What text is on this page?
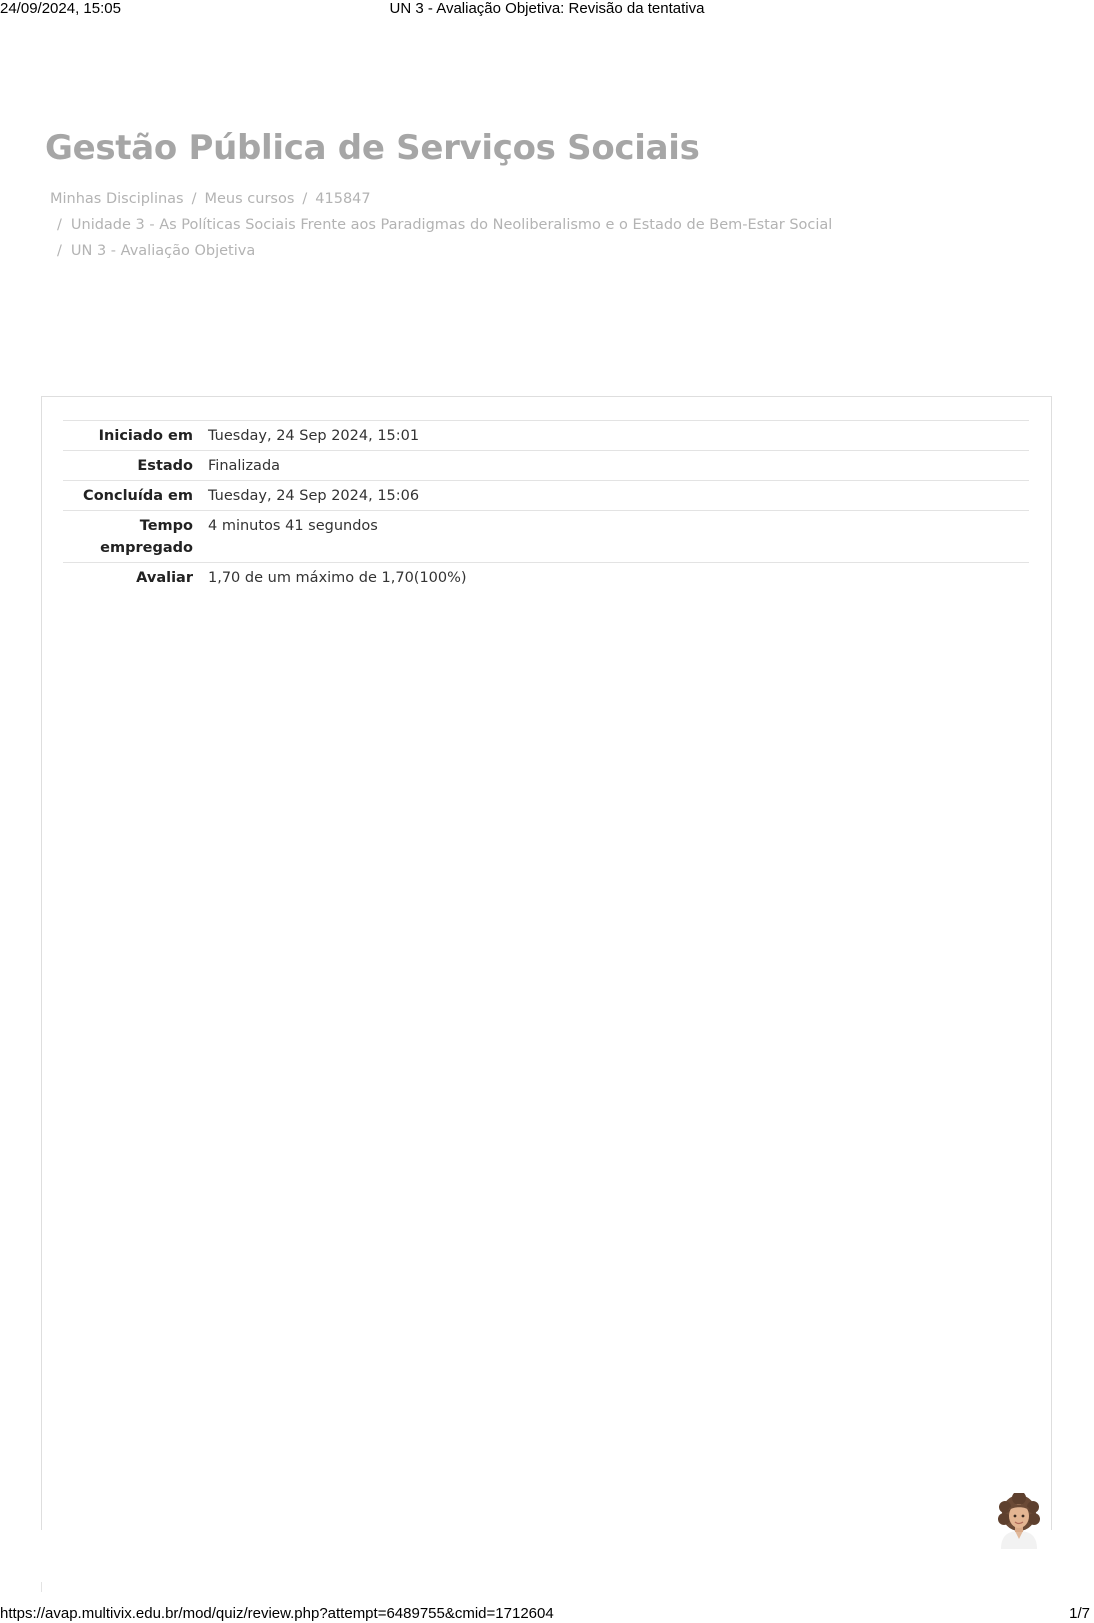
24/09/2024, 15:05	UN 3 - Avaliação Objetiva: Revisão da tentativa
Gestão Pública de Serviços Sociais
Minhas Disciplinas / Meus cursos / 415847
/ Unidade 3 - As Políticas Sociais Frente aos Paradigmas do Neoliberalismo e o Estado de Bem-Estar Social
/ UN 3 - Avaliação Objetiva
Iniciado em	Tuesday, 24 Sep 2024, 15:01
Estado	Finalizada
Concluída em	Tuesday, 24 Sep 2024, 15:06
Tempo
empregado	4 minutos 41 segundos
Avaliar	1,70 de um máximo de 1,70(100%)
https://avap.multivix.edu.br/mod/quiz/review.php?attempt=6489755&cmid=1712604	1/7
